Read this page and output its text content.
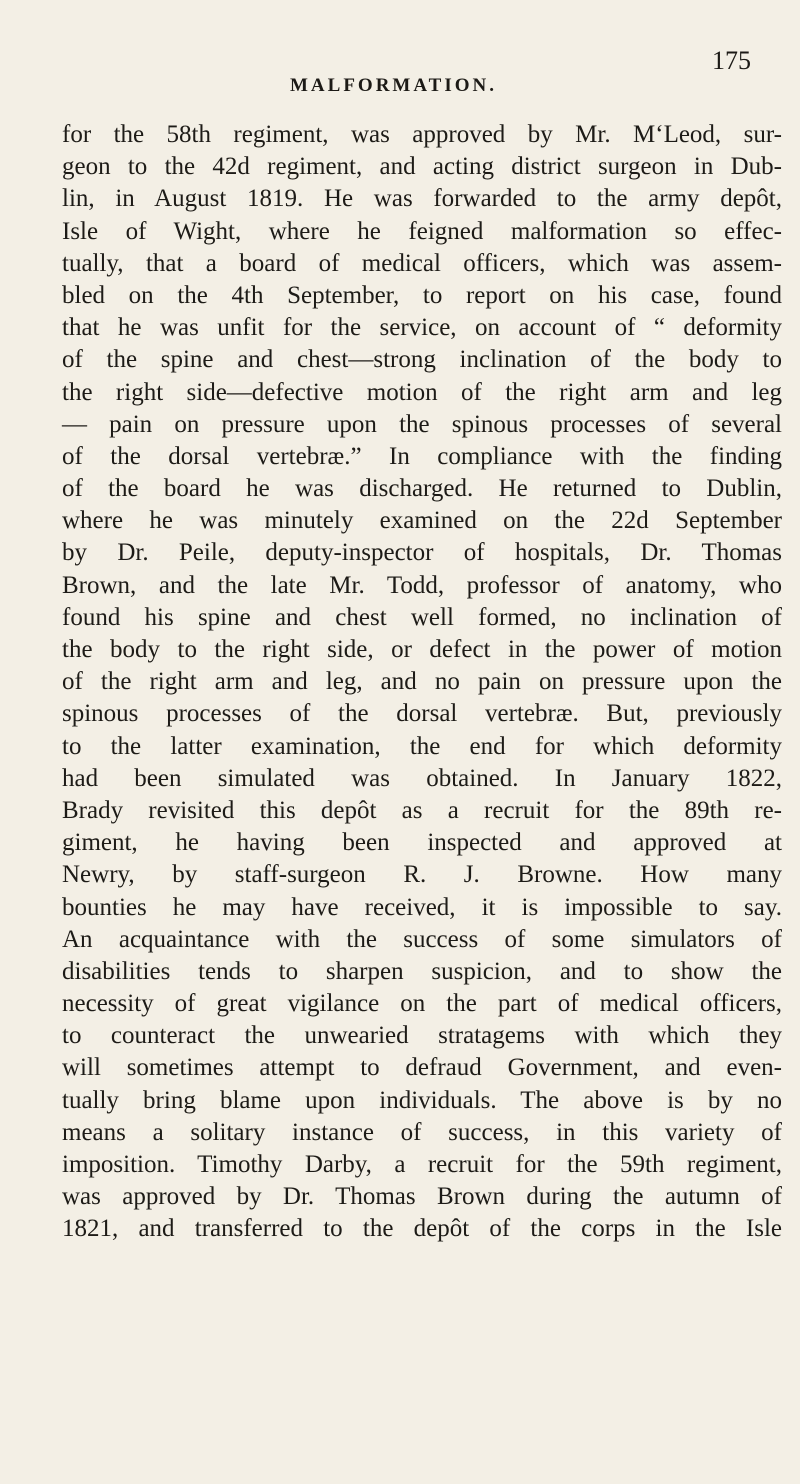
MALFORMATION.
175
for the 58th regiment, was approved by Mr. M‘Leod, sur-
geon to the 42d regiment, and acting district surgeon in Dub-
lin, in August 1819. He was forwarded to the army depôt,
Isle of Wight, where he feigned malformation so effec-
tually, that a board of medical officers, which was assem-
bled on the 4th September, to report on his case, found
that he was unfit for the service, on account of “ deformity
of the spine and chest—strong inclination of the body to
the right side—defective motion of the right arm and leg
— pain on pressure upon the spinous processes of several
of the dorsal vertebræ.” In compliance with the finding
of the board he was discharged. He returned to Dublin,
where he was minutely examined on the 22d September
by Dr. Peile, deputy-inspector of hospitals, Dr. Thomas
Brown, and the late Mr. Todd, professor of anatomy, who
found his spine and chest well formed, no inclination of
the body to the right side, or defect in the power of motion
of the right arm and leg, and no pain on pressure upon the
spinous processes of the dorsal vertebræ. But, previously
to the latter examination, the end for which deformity
had been simulated was obtained. In January 1822,
Brady revisited this depôt as a recruit for the 89th re-
giment, he having been inspected and approved at
Newry, by staff-surgeon R. J. Browne. How many
bounties he may have received, it is impossible to say.
An acquaintance with the success of some simulators of
disabilities tends to sharpen suspicion, and to show the
necessity of great vigilance on the part of medical officers,
to counteract the unwearied stratagems with which they
will sometimes attempt to defraud Government, and even-
tually bring blame upon individuals. The above is by no
means a solitary instance of success, in this variety of
imposition. Timothy Darby, a recruit for the 59th regiment,
was approved by Dr. Thomas Brown during the autumn of
1821, and transferred to the depôt of the corps in the Isle
